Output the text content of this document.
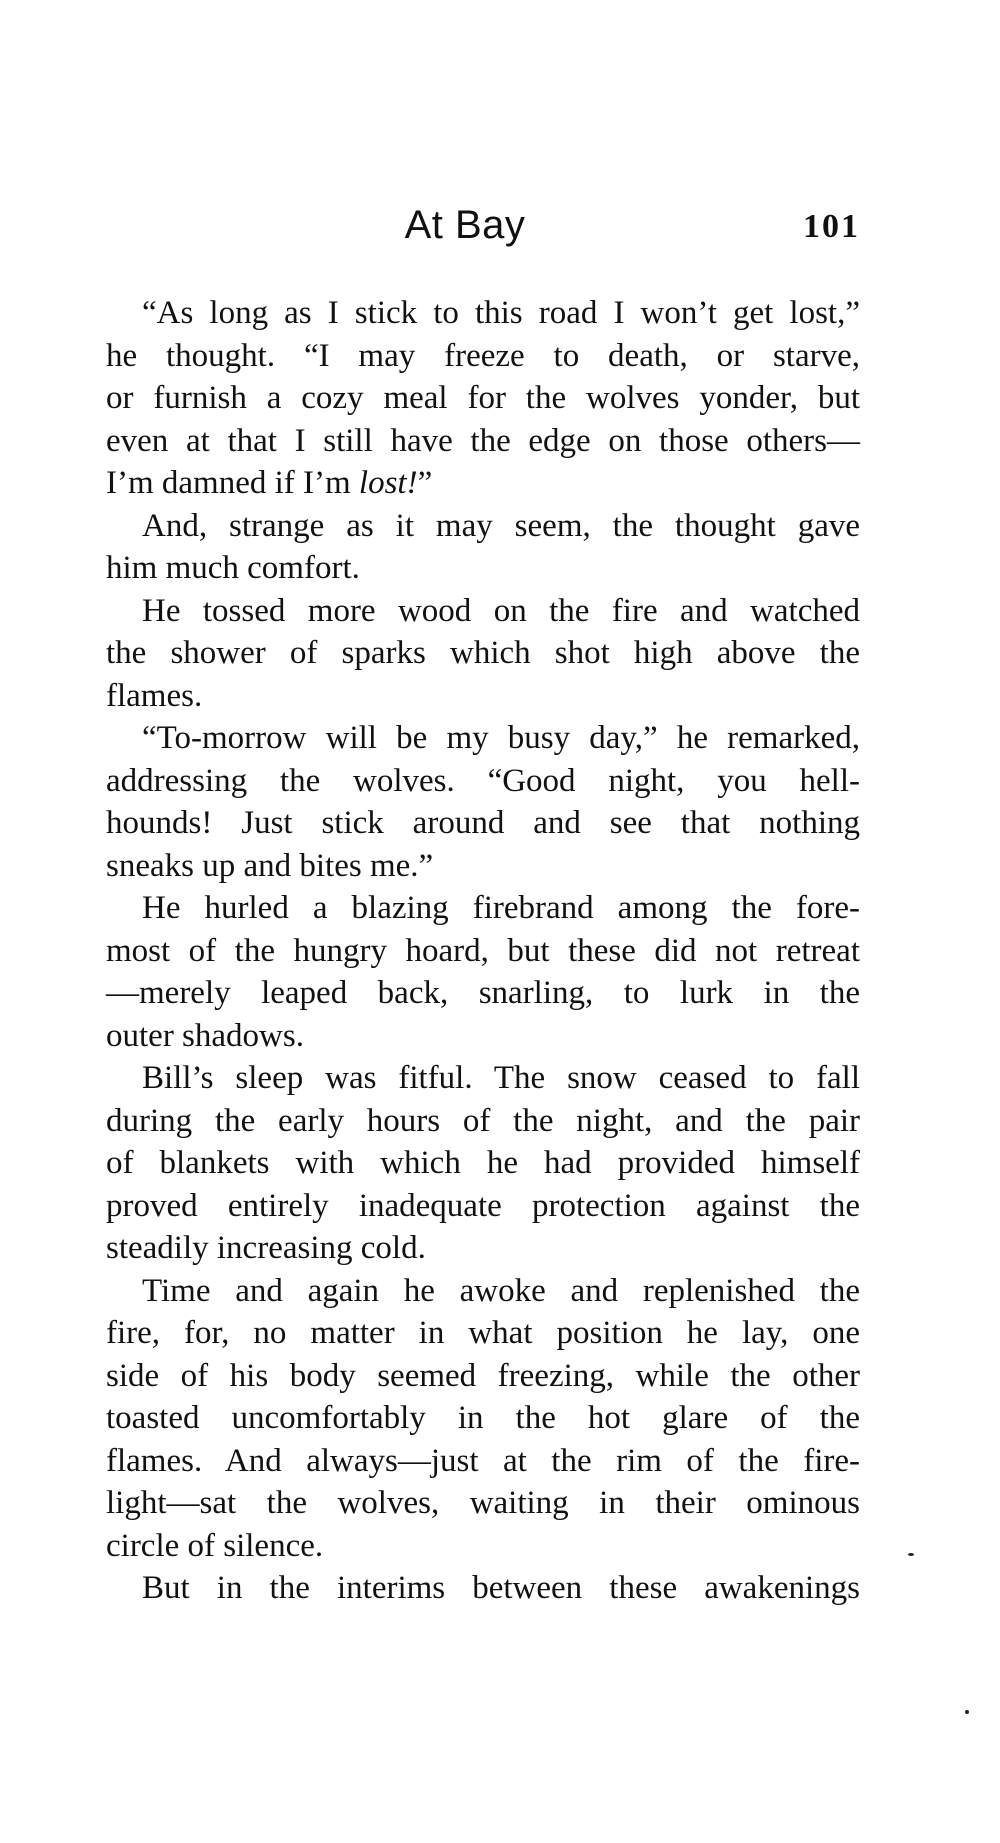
At Bay	101

“As long as I stick to this road I won’t get lost,”
he thought. “I may freeze to death, or starve,
or furnish a cozy meal for the wolves yonder, but
even at that I still have the edge on those others—
I’m damned if I’m lost!”

And, strange as it may seem, the thought gave
him much comfort.

He tossed more wood on the fire and watched
the shower of sparks which shot high above the
flames.

“To-morrow will be my busy day,” he remarked,
addressing the wolves. “Good night, you hell-
hounds! Just stick around and see that nothing
sneaks up and bites me.”

He hurled a blazing firebrand among the fore-
most of the hungry hoard, but these did not retreat
—merely leaped back, snarling, to lurk in the
outer shadows.

Bill’s sleep was fitful. The snow ceased to fall
during the early hours of the night, and the pair
of blankets with which he had provided himself
proved entirely inadequate protection against the
steadily increasing cold.

Time and again he awoke and replenished the
fire, for, no matter in what position he lay, one
side of his body seemed freezing, while the other
toasted uncomfortably in the hot glare of the
flames. And always—just at the rim of the fire-
light—sat the wolves, waiting in their ominous
circle of silence.

But in the interims between these awakenings
